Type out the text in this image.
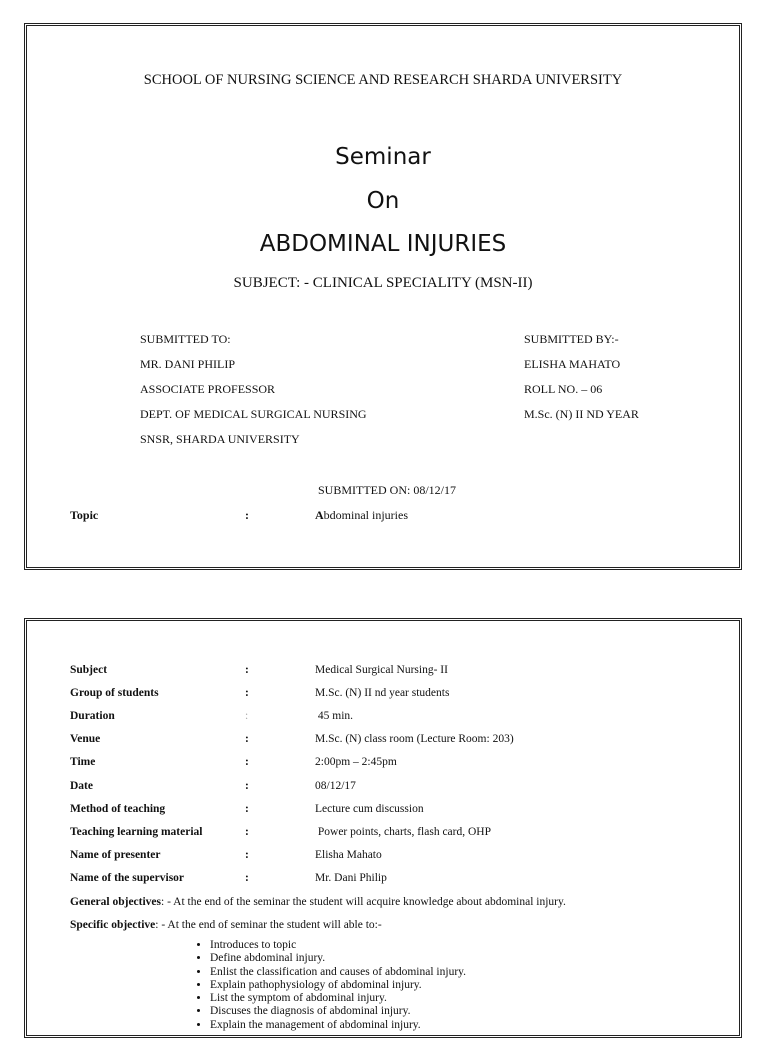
SCHOOL OF NURSING SCIENCE AND RESEARCH SHARDA UNIVERSITY
Seminar
On
ABDOMINAL INJURIES
SUBJECT: - CLINICAL SPECIALITY (MSN-II)
SUBMITTED TO:
MR. DANI PHILIP
ASSOCIATE PROFESSOR
DEPT. OF MEDICAL SURGICAL NURSING
SNSR, SHARDA UNIVERSITY
SUBMITTED BY:-
ELISHA MAHATO
ROLL NO. – 06
M.Sc. (N) II ND YEAR
SUBMITTED ON: 08/12/17
Topic	:	Abdominal injuries
Subject	:	Medical Surgical Nursing- II
Group of students	:	M.Sc. (N) II nd year students
Duration	:	45 min.
Venue	:	M.Sc. (N) class room (Lecture Room: 203)
Time	:	2:00pm – 2:45pm
Date	:	08/12/17
Method of teaching	:	Lecture cum discussion
Teaching learning material	:	Power points, charts, flash card, OHP
Name of presenter	:	Elisha Mahato
Name of the supervisor	:	Mr. Dani Philip
General objectives: - At the end of the seminar the student will acquire knowledge about abdominal injury.
Specific objective: - At the end of seminar the student will able to:-
• Introduces to topic
• Define abdominal injury.
• Enlist the classification and causes of abdominal injury.
• Explain pathophysiology of abdominal injury.
• List the symptom of abdominal injury.
• Discuses the diagnosis of abdominal injury.
• Explain the management of abdominal injury.
